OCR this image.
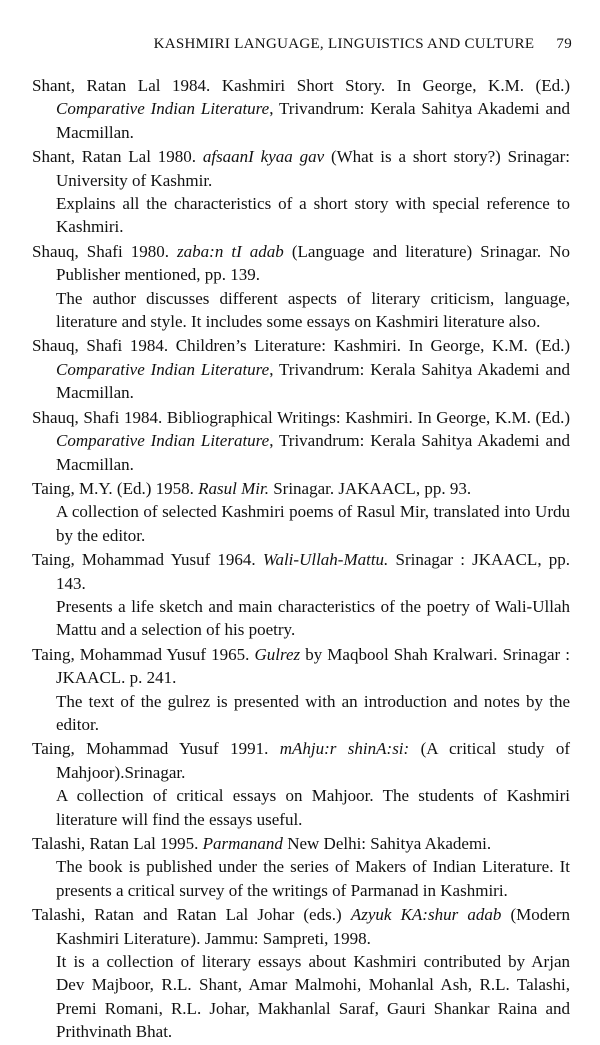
KASHMIRI LANGUAGE, LINGUISTICS AND CULTURE 79

Shant, Ratan Lal 1984. Kashmiri Short Story. In George, K.M. (Ed.) Comparative Indian Literature, Trivandrum: Kerala Sahitya Akademi and Macmillan.

Shant, Ratan Lal 1980. afsaanI kyaa gav (What is a short story?) Srinagar: University of Kashmir.

Explains all the characteristics of a short story with special reference to Kashmiri.

Shauq, Shafi 1980. zaba:n tI adab (Language and literature) Srinagar. No Publisher mentioned, pp. 139.

The author discusses different aspects of literary criticism, language, literature and style. It includes some essays on Kashmiri literature also.

Shauq, Shafi 1984. Children’s Literature: Kashmiri. In George, K.M. (Ed.) Comparative Indian Literature, Trivandrum: Kerala Sahitya Akademi and Macmillan.

Shauq, Shafi 1984. Bibliographical Writings: Kashmiri. In George, K.M. (Ed.) Comparative Indian Literature, Trivandrum: Kerala Sahitya Akademi and Macmillan.

Taing, M.Y. (Ed.) 1958. Rasul Mir. Srinagar. JAKAACL, pp. 93.

A collection of selected Kashmiri poems of Rasul Mir, translated into Urdu by the editor.

Taing, Mohammad Yusuf 1964. Wali-Ullah-Mattu. Srinagar : JKAACL, pp. 143.

Presents a life sketch and main characteristics of the poetry of Wali-Ullah Mattu and a selection of his poetry.

Taing, Mohammad Yusuf 1965. Gulrez by Maqbool Shah Kralwari. Srinagar : JKAACL. p. 241.

The text of the gulrez is presented with an introduction and notes by the editor.

Taing, Mohammad Yusuf 1991. mAhju:r shinA:si: (A critical study of Mahjoor).Srinagar.

A collection of critical essays on Mahjoor. The students of Kashmiri literature will find the essays useful.

Talashi, Ratan Lal 1995. Parmanand New Delhi: Sahitya Akademi.

The book is published under the series of Makers of Indian Literature. It presents a critical survey of the writings of Parmanad in Kashmiri.

Talashi, Ratan and Ratan Lal Johar (eds.) Azyuk KA:shur adab (Modern Kashmiri Literature). Jammu: Sampreti, 1998.

It is a collection of literary essays about Kashmiri contributed by Arjan Dev Majboor, R.L. Shant, Amar Malmohi, Mohanlal Ash, R.L. Talashi, Premi Romani, R.L. Johar, Makhanlal Saraf, Gauri Shankar Raina and Prithvinath Bhat.
